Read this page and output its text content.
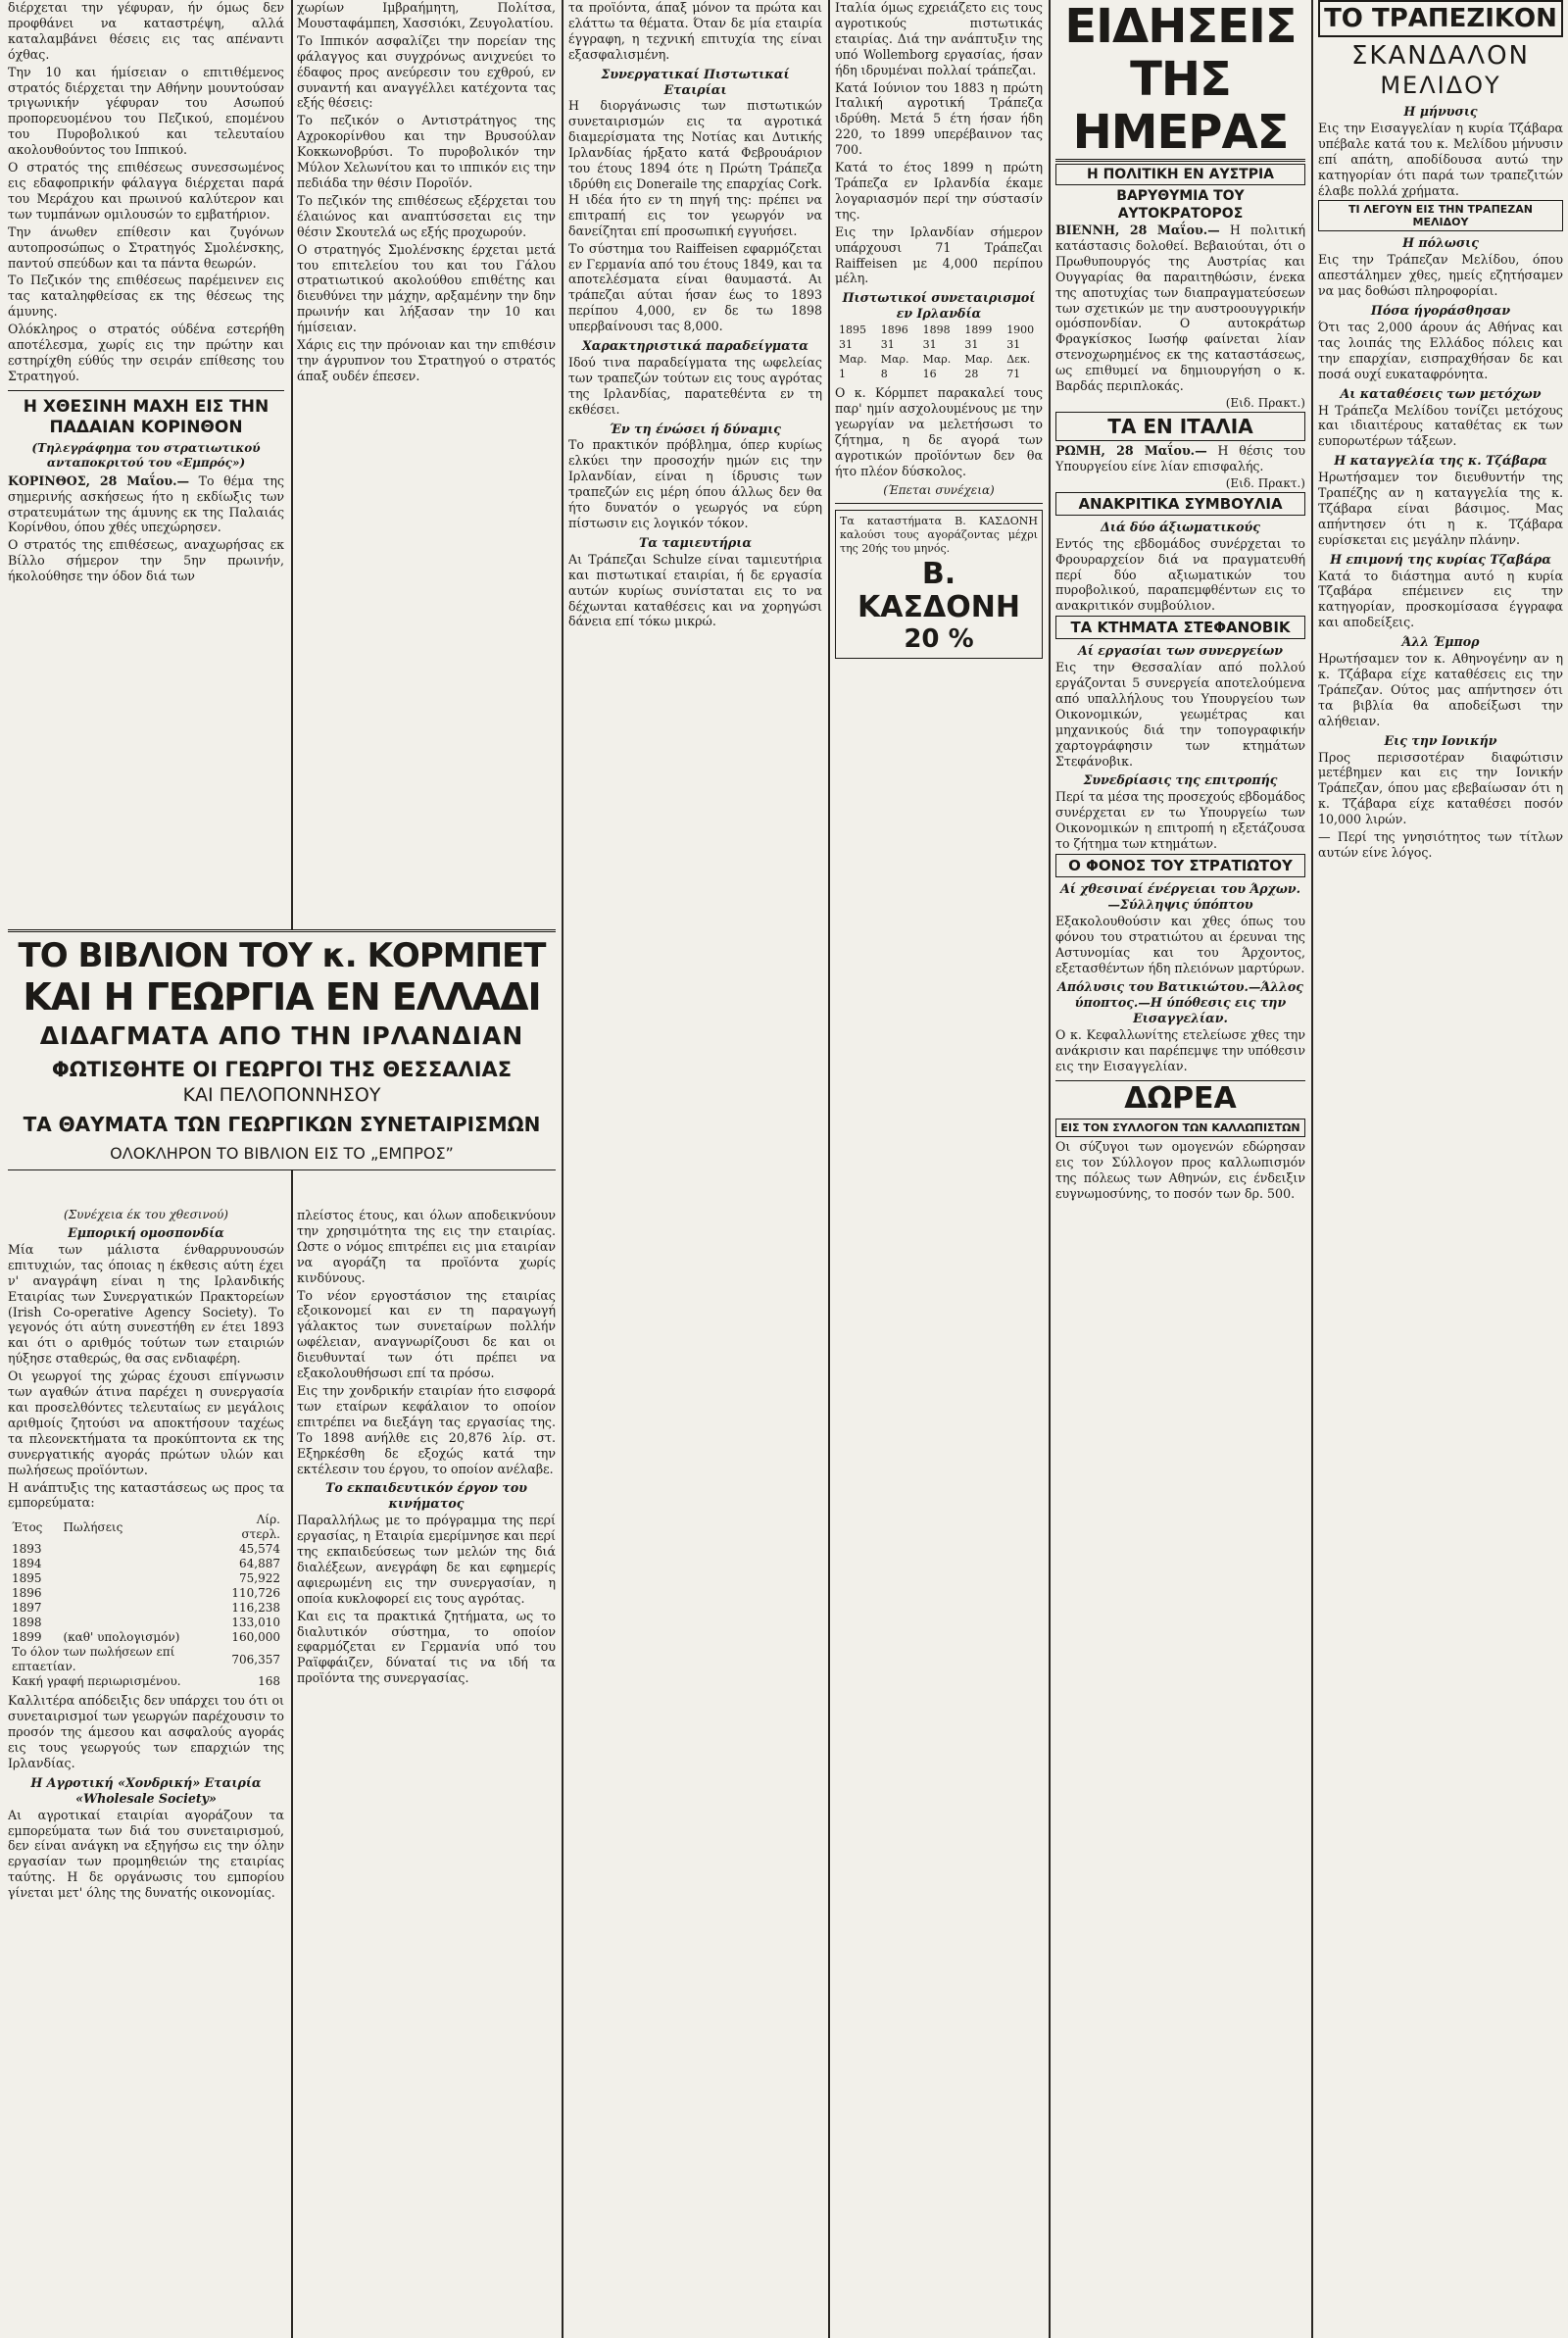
διέρχεται την γέφυραν, ήν όμως δεν προφθάνει να καταστρέψη, αλλά καταλαμβάνει θέσεις εις τας απέναντι όχθας.

Την 10 και ήμίσειαν ο επιτιθέμενος στρατός διέρχεται την Αθήνην μουντούσαν τριγωνικήν γέφυραν του Ασωπού προπορευομένου του Πεζικού, επομένου του Πυροβολικού και τελευταίου ακολουθούντος του Ιππικού.

Ο στρατός της επιθέσεως συνεσσωμένος εις εδαφοπρικήν φάλαγγα διέρχεται παρά του Μεράχου και πρωινού καλύτερον και των τυμπάνων ομιλουσών το εμβατήριον.

Την άνωθεν επίθεσιν και ζυγόνων αυτοπροσώπως ο Στρατηγός Σμολένσκης, παντού σπεύδων και τα πάντα θεωρών.

Το Πεζικόν της επιθέσεως παρέμεινεν εις τας καταληφθείσας εκ της θέσεως της άμυνης.

Ολόκληρος ο στρατός ούδένα εστερήθη αποτέλεσμα, χωρίς εις την πρώτην και εστηρίχθη εύθύς την σειράν επίθεσης του Στρατηγού.

Η ΧΘΕΣΙΝΗ ΜΑΧΗ ΕΙΣ ΤΗΝ ΠΑΔΑΙΑΝ ΚΟΡΙΝΘΟΝ
(Τηλεγράφημα του στρατιωτικού ανταποκριτού του «Εμπρός»)

ΚΟΡΙΝΘΟΣ, 28 Μαΐου.— Το θέμα της σημερινής ασκήσεως ήτο η εκδίωξις των στρατευμάτων της άμυνης εκ της Παλαιάς Κορίνθου, όπου χθές υπεχώρησεν.

Ο στρατός της επιθέσεως, αναχωρήσας εκ Βίλλο σήμερον την 5ην πρωινήν, ήκολούθησε την όδον διά των

χωρίων Ιμβραήμητη, Πολίτσα, Μουσταφάμπεη, Χασσιόκι, Ζευγολατίου.

Το Ιππικόν ασφαλίζει την πορείαν της φάλαγγος και συγχρόνως ανιχνεύει το έδαφος προς ανεύρεσιν του εχθρού, εν συναντή και αναγγέλλει κατέχοντα τας εξής θέσεις:

Το πεζικόν ο Αντιστράτηγος της Αχροκορίνθου και την Βρυσούλαν Κοκκωνοβρύσι. Το πυροβολικόν την Μύλον Χελωνίτου και το ιππικόν εις την πεδιάδα την θέσιν Ποροϊόν.

Το πεζικόν της επιθέσεως εξέρχεται του έλαιώνος και αναπτύσσεται εις την θέσιν Σκουτελά ως εξής προχωρούν.

Ο στρατηγός Σμολένσκης έρχεται μετά του επιτελείου του και του Γάλου στρατιωτικού ακολούθου επιθέτης και διευθύνει την μάχην, αρξαμένην την δην πρωινήν και λήξασαν την 10 και ήμίσειαν.

Χάρις εις την πρόνοιαν και την επιθέσιν την άγρυπνον του Στρατηγού ο στρατός άπαξ ουδέν έπεσεν.

ΤΟ ΒΙΒΛΙΟΝ ΤΟΥ κ. ΚΟΡΜΠΕΤ
ΚΑΙ Η ΓΕΩΡΓΙΑ ΕΝ ΕΛΛΑΔΙ
ΔΙΔΑΓΜΑΤΑ ΑΠΟ ΤΗΝ ΙΡΛΑΝΔΙΑΝ
ΦΩΤΙΣΘΗΤΕ ΟΙ ΓΕΩΡΓΟΙ ΤΗΣ ΘΕΣΣΑΛΙΑΣ
ΚΑΙ ΠΕΛΟΠΟΝΝΗΣΟΥ
ΤΑ ΘΑΥΜΑΤΑ ΤΩΝ ΓΕΩΡΓΙΚΩΝ ΣΥΝΕΤΑΙΡΙΣΜΩΝ
ΟΛΟΚΛΗΡΟΝ ΤΟ ΒΙΒΛΙΟΝ ΕΙΣ ΤΟ „ΕΜΠΡΟΣ”
(Συνέχεια έκ του χθεσινού)
Εμπορική ομοσπονδία

Μία των μάλιστα ένθαρρυνουσών επιτυχιών, τας όποιας η έκθεσις αύτη έχει ν' αναγράψη είναι η της Ιρλανδικής Εταιρίας των Συνεργατικών Πρακτορείων (Irish Co-operative Agency Society). Το γεγονός ότι αύτη συνεστήθη εν έτει 1893 και ότι ο αριθμός τούτων των εταιριών ηύξησε σταθερώς, θα σας ενδιαφέρη.

Οι γεωργοί της χώρας έχουσι επίγνωσιν των αγαθών άτινα παρέχει η συνεργασία και προσελθόντες τελευταίως εν μεγάλοις αριθμοίς ζητούσι να αποκτήσουν ταχέως τα πλεονεκτήματα τα προκύπτοντα εκ της συνεργατικής αγοράς πρώτων υλών και πωλήσεως προϊόντων.

Η ανάπτυξις της καταστάσεως ως προς τα εμπορεύματα:

Έτος	Πωλήσεις	Λίρ. στερλ.
1893		45,574
1894		64,887
1895		75,922
1896		110,726
1897		116,238
1898		133,010
1899	(καθ' υπολογισμόν)	160,000
Το όλον των πωλήσεων επί επταετίαν.		706,357
Κακή γραφή περιωρισμένου.		168

Καλλιτέρα απόδειξις δεν υπάρχει του ότι οι συνεταιρισμοί των γεωργών παρέχουσιν το προσόν της άμεσου και ασφαλούς αγοράς εις τους γεωργούς των επαρχιών της Ιρλανδίας.

Η Αγροτική «Χονδρική» Εταιρία «Wholesale Society»

Αι αγροτικαί εταιρίαι αγοράζουν τα εμπορεύματα των διά του συνεταιρισμού, δεν είναι ανάγκη να εξηγήσω εις την όλην εργασίαν των προμηθειών της εταιρίας ταύτης. Η δε οργάνωσις του εμπορίου γίνεται μετ' όλης της δυνατής οικονομίας.

πλείστος έτους, και όλων αποδεικνύουν την χρησιμότητα της εις την εταιρίας. Ωστε ο νόμος επιτρέπει εις μια εταιρίαν να αγοράζη τα προϊόντα χωρίς κινδύνους.

Το νέον εργοστάσιον της εταιρίας εξοικονομεί και εν τη παραγωγή γάλακτος των συνεταίρων πολλήν ωφέλειαν, αναγνωρίζουσι δε και οι διευθυνταί των ότι πρέπει να εξακολουθήσωσι επί τα πρόσω.

Εις την χονδρικήν εταιρίαν ήτο εισφορά των εταίρων κεφάλαιον το οποίον επιτρέπει να διεξάγη τας εργασίας της. Το 1898 ανήλθε εις 20,876 λίρ. στ. Εξηρκέσθη δε εξοχώς κατά την εκτέλεσιν του έργου, το οποίον ανέλαβε.

Το εκπαιδευτικόν έργον του κινήματος

Παραλλήλως με το πρόγραμμα της περί εργασίας, η Εταιρία εμερίμνησε και περί της εκπαιδεύσεως των μελών της διά διαλέξεων, ανεγράφη δε και εφημερίς αφιερωμένη εις την συνεργασίαν, η οποία κυκλοφορεί εις τους αγρότας.

Και εις τα πρακτικά ζητήματα, ως το διαλυτικόν σύστημα, το οποίον εφαρμόζεται εν Γερμανία υπό του Ραϊφφάιζεν, δύναταί τις να ιδή τα προϊόντα της συνεργασίας.

τα προϊόντα, άπαξ μόνον τα πρώτα και ελάττω τα θέματα. Όταν δε μία εταιρία έγγραφη, η τεχνική επιτυχία της είναι εξασφαλισμένη.

Συνεργατικαί Πιστωτικαί Εταιρίαι

Η διοργάνωσις των πιστωτικών συνεταιρισμών εις τα αγροτικά διαμερίσματα της Νοτίας και Δυτικής Ιρλανδίας ήρξατο κατά Φεβρουάριον του έτους 1894 ότε η Πρώτη Τράπεζα ιδρύθη εις Doneraile της επαρχίας Cork. Η ιδέα ήτο εν τη πηγή της: πρέπει να επιτραπή εις τον γεωργόν να δανείζηται επί προσωπική εγγυήσει.

Το σύστημα του Raiffeisen εφαρμόζεται εν Γερμανία από του έτους 1849, και τα αποτελέσματα είναι θαυμαστά. Αι τράπεζαι αύται ήσαν έως το 1893 περίπου 4,000, εν δε τω 1898 υπερβαίνουσι τας 8,000.

Χαρακτηριστικά παραδείγματα

Ιδού τινα παραδείγματα της ωφελείας των τραπεζών τούτων εις τους αγρότας της Ιρλανδίας, παρατεθέντα εν τη εκθέσει.

Έν τη ένώσει ή δύναμις

Το πρακτικόν πρόβλημα, όπερ κυρίως ελκύει την προσοχήν ημών εις την Ιρλανδίαν, είναι η ίδρυσις των τραπεζών εις μέρη όπου άλλως δεν θα ήτο δυνατόν ο γεωργός να εύρη πίστωσιν εις λογικόν τόκον.

Τα ταμιευτήρια

Αι Τράπεζαι Schulze είναι ταμιευτήρια και πιστωτικαί εταιρίαι, ή δε εργασία αυτών κυρίως συνίσταται εις το να δέχωνται καταθέσεις και να χορηγώσι δάνεια επί τόκω μικρώ.

Ιταλία όμως εχρειάζετο εις τους αγροτικούς πιστωτικάς εταιρίας. Διά την ανάπτυξιν της υπό Wollemborg εργασίας, ήσαν ήδη ιδρυμέναι πολλαί τράπεζαι.

Κατά Ιούνιον του 1883 η πρώτη Ιταλική αγροτική Τράπεζα ιδρύθη. Μετά 5 έτη ήσαν ήδη 220, το 1899 υπερέβαινον τας 700.

Κατά το έτος 1899 η πρώτη Τράπεζα εν Ιρλανδία έκαμε λογαριασμόν περί την σύστασίν της.

Εις την Ιρλανδίαν σήμερον υπάρχουσι 71 Τράπεζαι Raiffeisen με 4,000 περίπου μέλη.

Πιστωτικοί συνεταιρισμοί εν Ιρλανδία
1895	1896	1898	1899	1900
31 Μαρ.	31 Μαρ.	31 Μαρ.	31 Μαρ.	31 Δεκ.
1	8	16	28	71

Ο κ. Κόρμπετ παρακαλεί τους παρ' ημίν ασχολουμένους με την γεωργίαν να μελετήσωσι το ζήτημα, η δε αγορά των αγροτικών προϊόντων δεν θα ήτο πλέον δύσκολος.

(Έπεται συνέχεια)

Τα καταστήματα Β. ΚΑΣΔΟΝΗ καλούσι τους αγοράζοντας μέχρι της 20ής του μηνός.

Β. ΚΑΣΔΟΝΗ
20 %
ΕΙΔΗΣΕΙΣ ΤΗΣ ΗΜΕΡΑΣ
Η ΠΟΛΙΤΙΚΗ ΕΝ ΑΥΣΤΡΙΑ
ΒΑΡΥΘΥΜΙΑ ΤΟΥ ΑΥΤΟΚΡΑΤΟΡΟΣ

ΒΙΕΝΝΗ, 28 Μαΐου.— Η πολιτική κατάστασις δολοθεί. Βεβαιούται, ότι ο Πρωθυπουργός της Αυστρίας και Ουγγαρίας θα παραιτηθώσιν, ένεκα της αποτυχίας των διαπραγματεύσεων των σχετικών με την αυστροουγγρικήν ομόσπονδίαν. Ο αυτοκράτωρ Φραγκίσκος Ιωσήφ φαίνεται λίαν στενοχωρημένος εκ της καταστάσεως, ως επιθυμεί να δημιουργήση ο κ. Βαρδάς περιπλοκάς.

(Ειδ. Πρακτ.)
ΤΑ ΕΝ ΙΤΑΛΙΑ

ΡΩΜΗ, 28 Μαΐου.— Η θέσις του Υπουργείου είνε λίαν επισφαλής.

(Ειδ. Πρακτ.)
ΑΝΑΚΡΙΤΙΚΑ ΣΥΜΒΟΥΛΙΑ
Διά δύο άξιωματικούς

Εντός της εβδομάδος συνέρχεται το Φρουραρχείον διά να πραγματευθή περί δύο αξιωματικών του πυροβολικού, παραπεμφθέντων εις το ανακριτικόν συμβούλιον.

ΤΑ ΚΤΗΜΑΤΑ ΣΤΕΦΑΝΟΒΙΚ
Αί εργασίαι των συνεργείων

Εις την Θεσσαλίαν από πολλού εργάζονται 5 συνεργεία αποτελούμενα από υπαλλήλους του Υπουργείου των Οικονομικών, γεωμέτρας και μηχανικούς διά την τοπογραφικήν χαρτογράφησιν των κτημάτων Στεφάνοβικ.

Συνεδρίασις της επιτροπής

Περί τα μέσα της προσεχούς εβδομάδος συνέρχεται εν τω Υπουργείω των Οικονομικών η επιτροπή η εξετάζουσα το ζήτημα των κτημάτων.

Ο ΦΟΝΟΣ ΤΟΥ ΣΤΡΑΤΙΩΤΟΥ
Αί χθεσιναί ένέργειαι του Άρχων.—Σύλληψις ύπόπτου

Εξακολουθούσιν και χθες όπως του φόνου του στρατιώτου αι έρευναι της Αστυνομίας και του Άρχοντος, εξετασθέντων ήδη πλειόνων μαρτύρων.

Απόλυσις του Βατικιώτου.—Άλλος ύποπτος.—Η ύπόθεσις εις την Εισαγγελίαν.

Ο κ. Κεφαλλωνίτης ετελείωσε χθες την ανάκρισιν και παρέπεμψε την υπόθεσιν εις την Εισαγγελίαν.

ΔΩΡΕΑ
ΕΙΣ ΤΟΝ ΣΥΛΛΟΓΟΝ ΤΩΝ ΚΑΛΛΩΠΙΣΤΩΝ

Οι σύζυγοι των ομογενών εδώρησαν εις τον Σύλλογον προς καλλωπισμόν της πόλεως των Αθηνών, εις ένδειξιν ευγνωμοσύνης, το ποσόν των δρ. 500.

ΤΟ ΤΡΑΠΕΖΙΚΟΝ
ΣΚΑΝΔΑΛΟΝ
ΜΕΛΙΔΟΥ
Η μήνυσις

Εις την Εισαγγελίαν η κυρία Τζάβαρα υπέβαλε κατά του κ. Μελίδου μήνυσιν επί απάτη, αποδίδουσα αυτώ την κατηγορίαν ότι παρά των τραπεζιτών έλαβε πολλά χρήματα.

ΤΙ ΛΕΓΟΥΝ ΕΙΣ ΤΗΝ ΤΡΑΠΕΖΑΝ ΜΕΛΙΔΟΥ
Η πόλωσις

Εις την Τράπεζαν Μελίδου, όπου απεστάλημεν χθες, ημείς εζητήσαμεν να μας δοθώσι πληροφορίαι.

Πόσα ήγοράσθησαν

Ότι τας 2,000 άρουν άς Αθήνας και τας λοιπάς της Ελλάδος πόλεις και την επαρχίαν, εισπραχθήσαν δε και ποσά ουχί ευκαταφρόνητα.

Αι καταθέσεις των μετόχων

Η Τράπεζα Μελίδου τονίζει μετόχους και ιδιαιτέρους καταθέτας εκ των ευπορωτέρων τάξεων.

Η καταγγελία της κ. Τζάβαρα

Ηρωτήσαμεν τον διευθυντήν της Τραπέζης αν η καταγγελία της κ. Τζάβαρα είναι βάσιμος. Μας απήντησεν ότι η κ. Τζάβαρα ευρίσκεται εις μεγάλην πλάνην.

Η επιμονή της κυρίας Τζαβάρα

Κατά το διάστημα αυτό η κυρία Τζαβάρα επέμεινεν εις την κατηγορίαν, προσκομίσασα έγγραφα και αποδείξεις.

Άλλ Έμπορ

Ηρωτήσαμεν τον κ. Αθηνογένην αν η κ. Τζάβαρα είχε καταθέσεις εις την Τράπεζαν. Ούτος μας απήντησεν ότι τα βιβλία θα αποδείξωσι την αλήθειαν.

Εις την Ιονικήν

Προς περισσοτέραν διαφώτισιν μετέβημεν και εις την Ιονικήν Τράπεζαν, όπου μας εβεβαίωσαν ότι η κ. Τζάβαρα είχε καταθέσει ποσόν 10,000 λιρών.

— Περί της γνησιότητος των τίτλων αυτών είνε λόγος.
